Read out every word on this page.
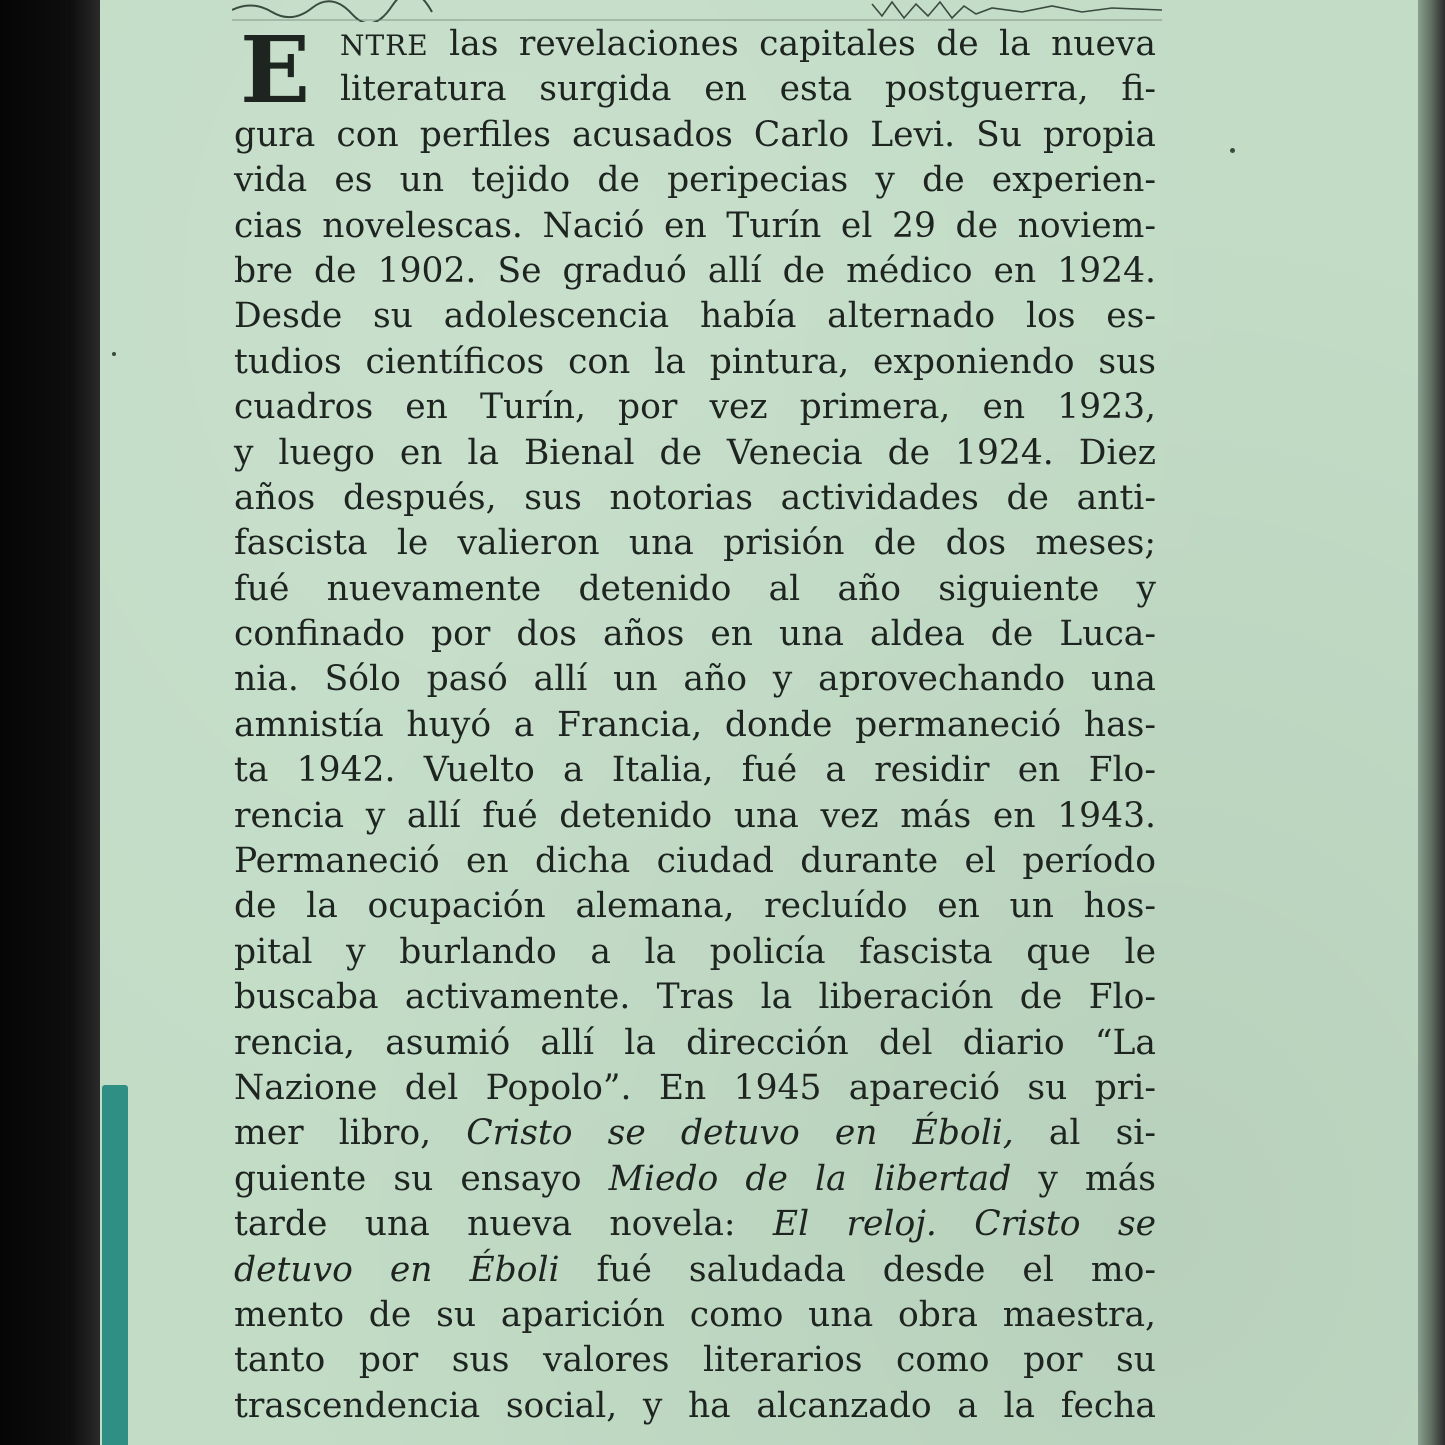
E	NTRE las revelaciones capitales de la nueva
literatura surgida en esta postguerra, fi-
gura con perfiles acusados Carlo Levi. Su propia
vida es un tejido de peripecias y de experien-
cias novelescas. Nació en Turín el 29 de noviem-
bre de 1902. Se graduó allí de médico en 1924.
Desde su adolescencia había alternado los es-
tudios científicos con la pintura, exponiendo sus
cuadros en Turín, por vez primera, en 1923,
y luego en la Bienal de Venecia de 1924. Diez
años después, sus notorias actividades de anti-
fascista le valieron una prisión de dos meses;
fué nuevamente detenido al año siguiente y
confinado por dos años en una aldea de Luca-
nia. Sólo pasó allí un año y aprovechando una
amnistía huyó a Francia, donde permaneció has-
ta 1942. Vuelto a Italia, fué a residir en Flo-
rencia y allí fué detenido una vez más en 1943.
Permaneció en dicha ciudad durante el período
de la ocupación alemana, recluído en un hos-
pital y burlando a la policía fascista que le
buscaba activamente. Tras la liberación de Flo-
rencia, asumió allí la dirección del diario “La
Nazione del Popolo”. En 1945 apareció su pri-
mer libro, Cristo se detuvo en Éboli, al si-
guiente su ensayo Miedo de la libertad y más
tarde una nueva novela: El reloj. Cristo se
detuvo en Éboli fué saludada desde el mo-
mento de su aparición como una obra maestra,
tanto por sus valores literarios como por su
trascendencia social, y ha alcanzado a la fecha
